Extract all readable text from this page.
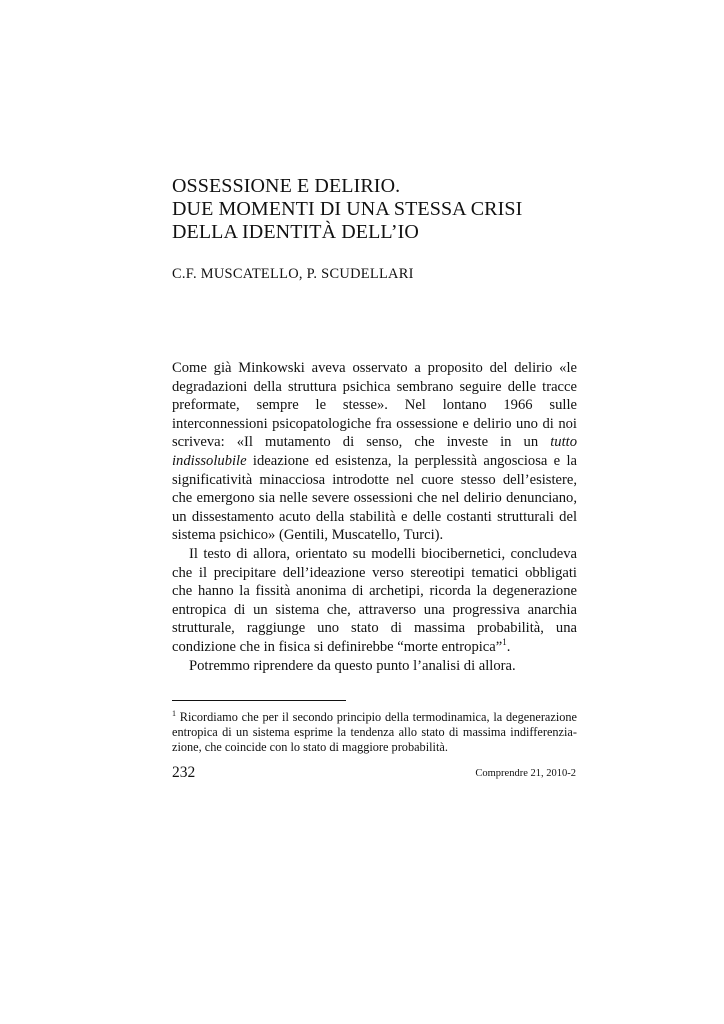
OSSESSIONE E DELIRIO.
DUE MOMENTI DI UNA STESSA CRISI
DELLA IDENTITÀ DELL’IO
C.F. MUSCATELLO, P. SCUDELLARI

Come già Minkowski aveva osservato a proposito del delirio «le degradazioni della struttura psichica sembrano seguire delle tracce preformate, sempre le stesse». Nel lontano 1966 sulle interconnessioni psicopatologiche fra ossessione e delirio uno di noi scriveva: «Il mutamento di senso, che investe in un tutto indissolubile ideazione ed esistenza, la perplessità angosciosa e la significatività minacciosa introdotte nel cuore stesso dell’esistere, che emergono sia nelle severe ossessioni che nel delirio denunciano, un dissestamento acuto della stabilità e delle costanti strutturali del sistema psichico» (Gentili, Muscatello, Turci).

Il testo di allora, orientato su modelli biocibernetici, concludeva che il precipitare dell’ideazione verso stereotipi tematici obbligati che hanno la fissità anonima di archetipi, ricorda la degenerazione entropica di un sistema che, attraverso una progressiva anarchia strutturale, raggiunge uno stato di massima probabilità, una condizione che in fisica si definirebbe “morte entropica”$^1$.

Potremmo riprendere da questo punto l’analisi di allora.

$^1$ Ricordiamo che per il secondo principio della termodinamica, la degenerazione entropica di un sistema esprime la tendenza allo stato di massima indifferenziazione, che coincide con lo stato di maggiore probabilità.
232	Comprendre 21, 2010-2
